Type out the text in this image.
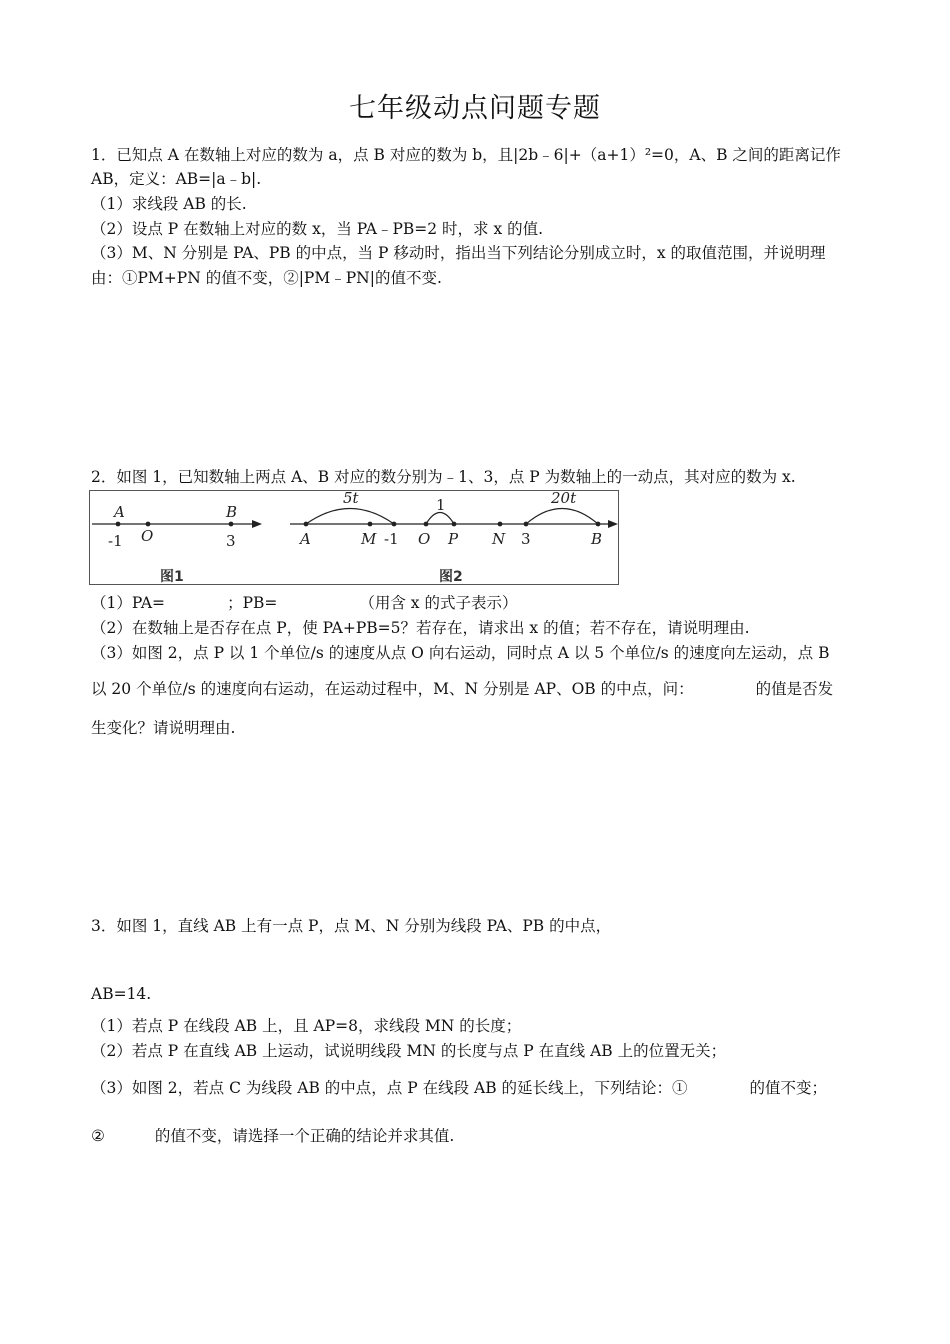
七年级动点问题专题
1．已知点 A 在数轴上对应的数为 a，点 B 对应的数为 b，且|2b﹣6|+（a+1）²=0，A、B 之间的距离记作
AB，定义：AB=|a﹣b|.
（1）求线段 AB 的长.
（2）设点 P 在数轴上对应的数 x，当 PA﹣PB=2 时，求 x 的值.
（3）M、N 分别是 PA、PB 的中点，当 P 移动时，指出当下列结论分别成立时，x 的取值范围，并说明理
由：①PM+PN 的值不变，②|PM﹣PN|的值不变.
2．如图 1，已知数轴上两点 A、B 对应的数分别为﹣1、3，点 P 为数轴上的一动点，其对应的数为 x.
A	B
-1 O	3
图1
5t	1	20t
A	M -1 O P N 3	B
图2
（1）PA=	；PB=	（用含 x 的式子表示）
（2）在数轴上是否存在点 P，使 PA+PB=5？若存在，请求出 x 的值；若不存在，请说明理由.
（3）如图 2，点 P 以 1 个单位/s 的速度从点 O 向右运动，同时点 A 以 5 个单位/s 的速度向左运动，点 B
以 20 个单位/s 的速度向右运动，在运动过程中，M、N 分别是 AP、OB 的中点，问：	的值是否发
生变化？请说明理由.
3．如图 1，直线 AB 上有一点 P，点 M、N 分别为线段 PA、PB 的中点，
AB=14.
（1）若点 P 在线段 AB 上，且 AP=8，求线段 MN 的长度；
（2）若点 P 在直线 AB 上运动，试说明线段 MN 的长度与点 P 在直线 AB 上的位置无关；
（3）如图 2，若点 C 为线段 AB 的中点，点 P 在线段 AB 的延长线上，下列结论：①	的值不变；
②	的值不变，请选择一个正确的结论并求其值.
